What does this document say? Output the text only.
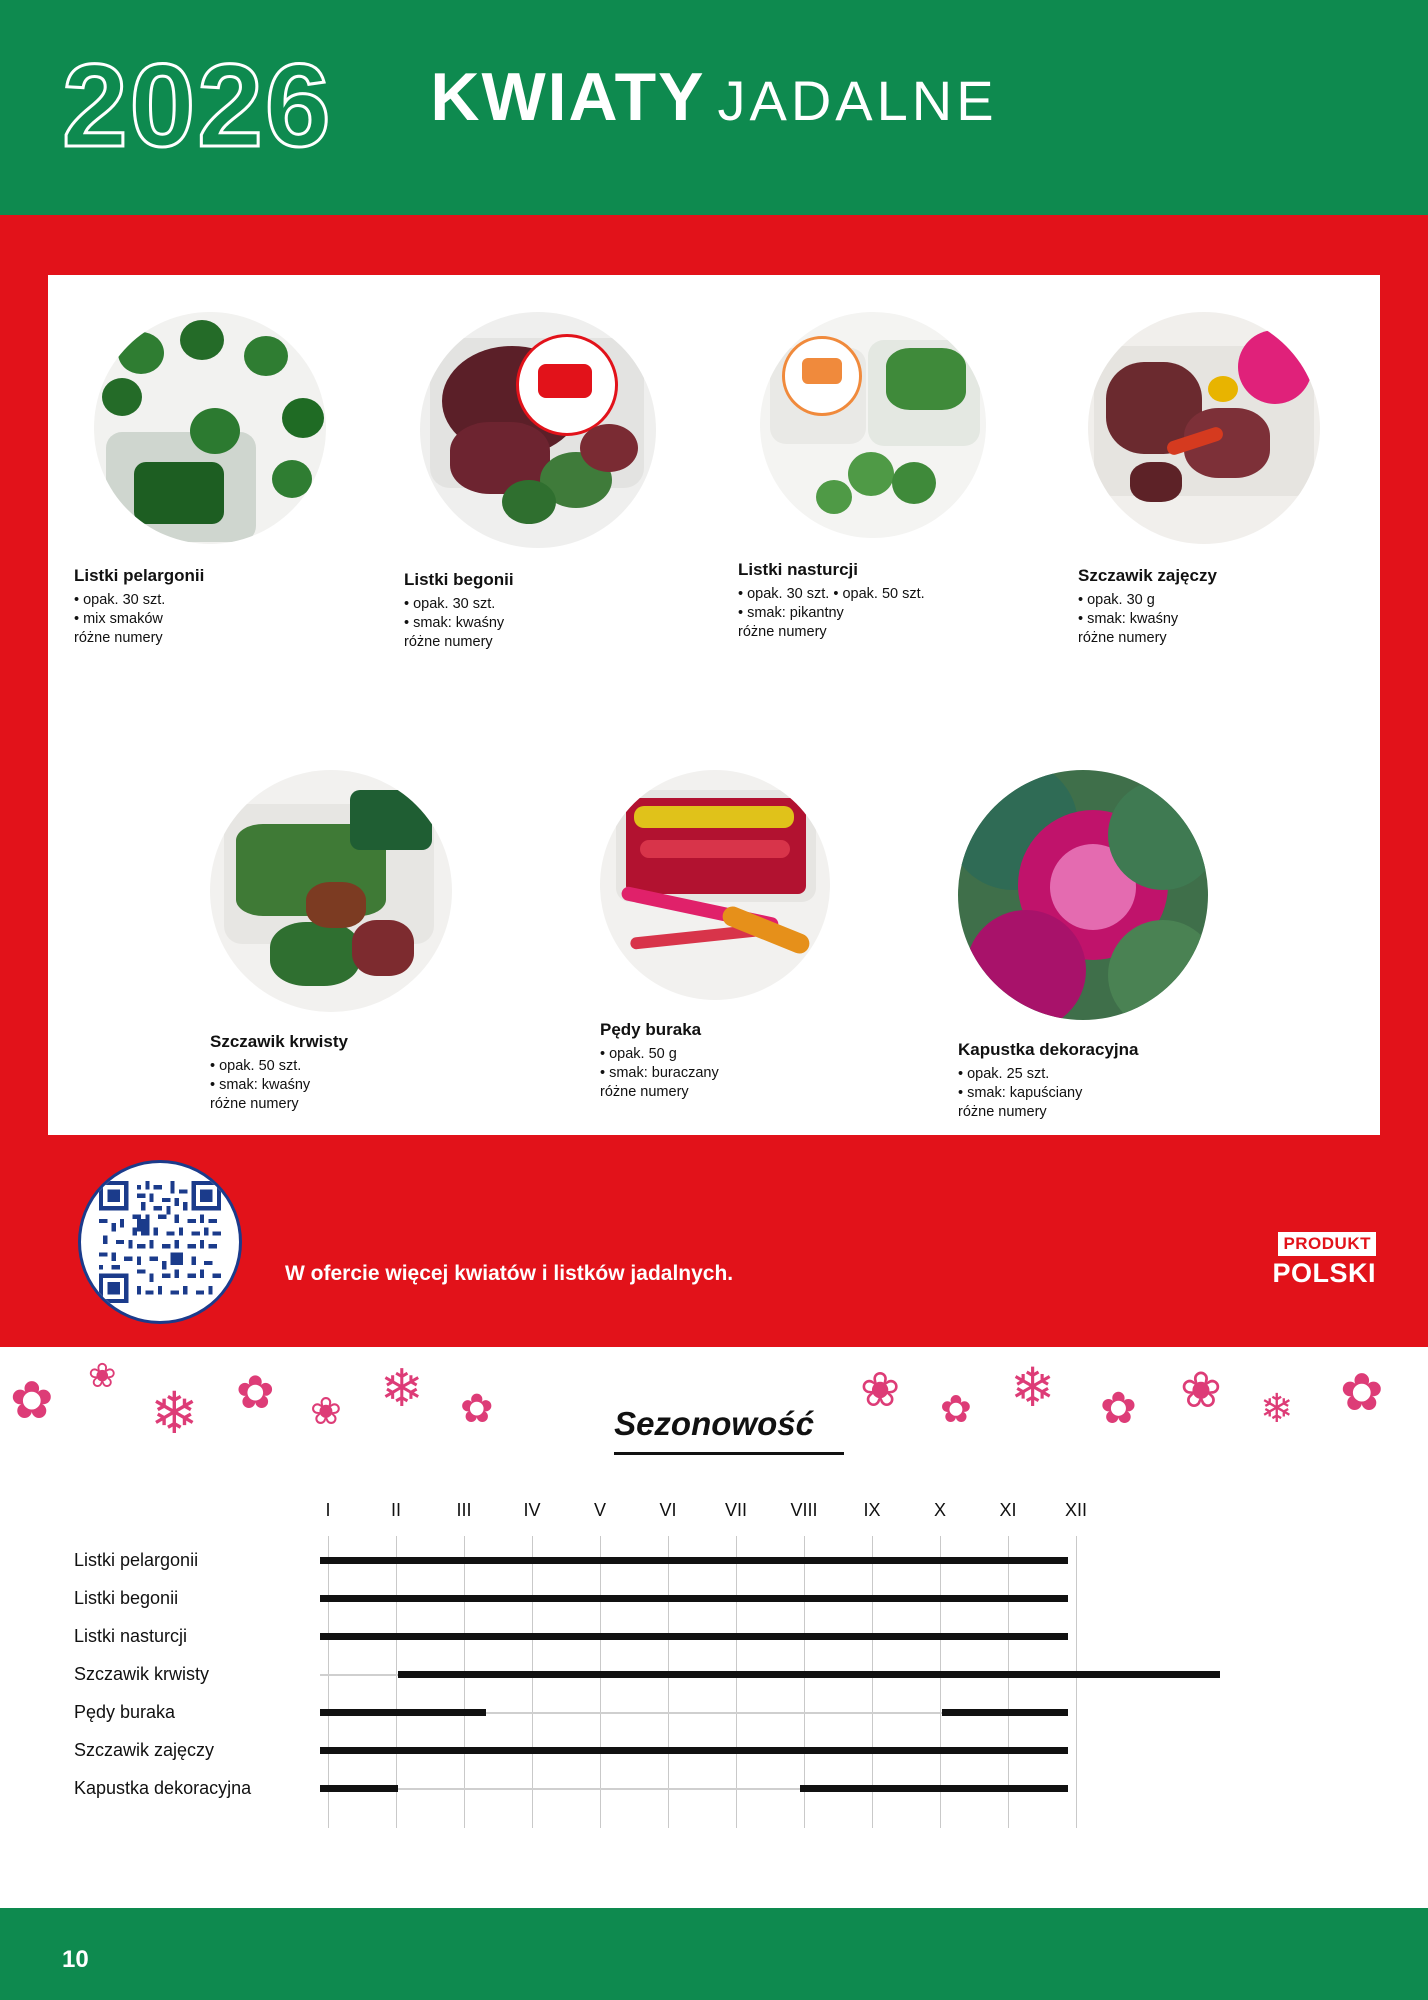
2026	KWIATY JADALNE
Listki pelargonii
• opak. 30 szt.
• mix smaków
różne numery
Listki begonii
• opak. 30 szt.
• smak: kwaśny
różne numery
Listki nasturcji
• opak. 30 szt. • opak. 50 szt.
• smak: pikantny
różne numery
Szczawik zajęczy
• opak. 30 g
• smak: kwaśny
różne numery
Szczawik krwisty
• opak. 50 szt.
• smak: kwaśny
różne numery
Pędy buraka
• opak. 50 g
• smak: buraczany
różne numery
Kapustka dekoracyjna
• opak. 25 szt.
• smak: kapuściany
różne numery
W ofercie więcej kwiatów i listków jadalnych.
PRODUKT
POLSKI
✿ ❀
❄ ✿ ❀ ❄ ✿	❀ ✿ ❄ ✿ ❀ ❄ ✿
Sezonowość
I	II	III	IV	V	VI	VII	VIII	IX	X	XI	XII
Listki pelargonii
Listki begonii
Listki nasturcji
Szczawik krwisty
Pędy buraka
Szczawik zajęczy
Kapustka dekoracyjna
10
